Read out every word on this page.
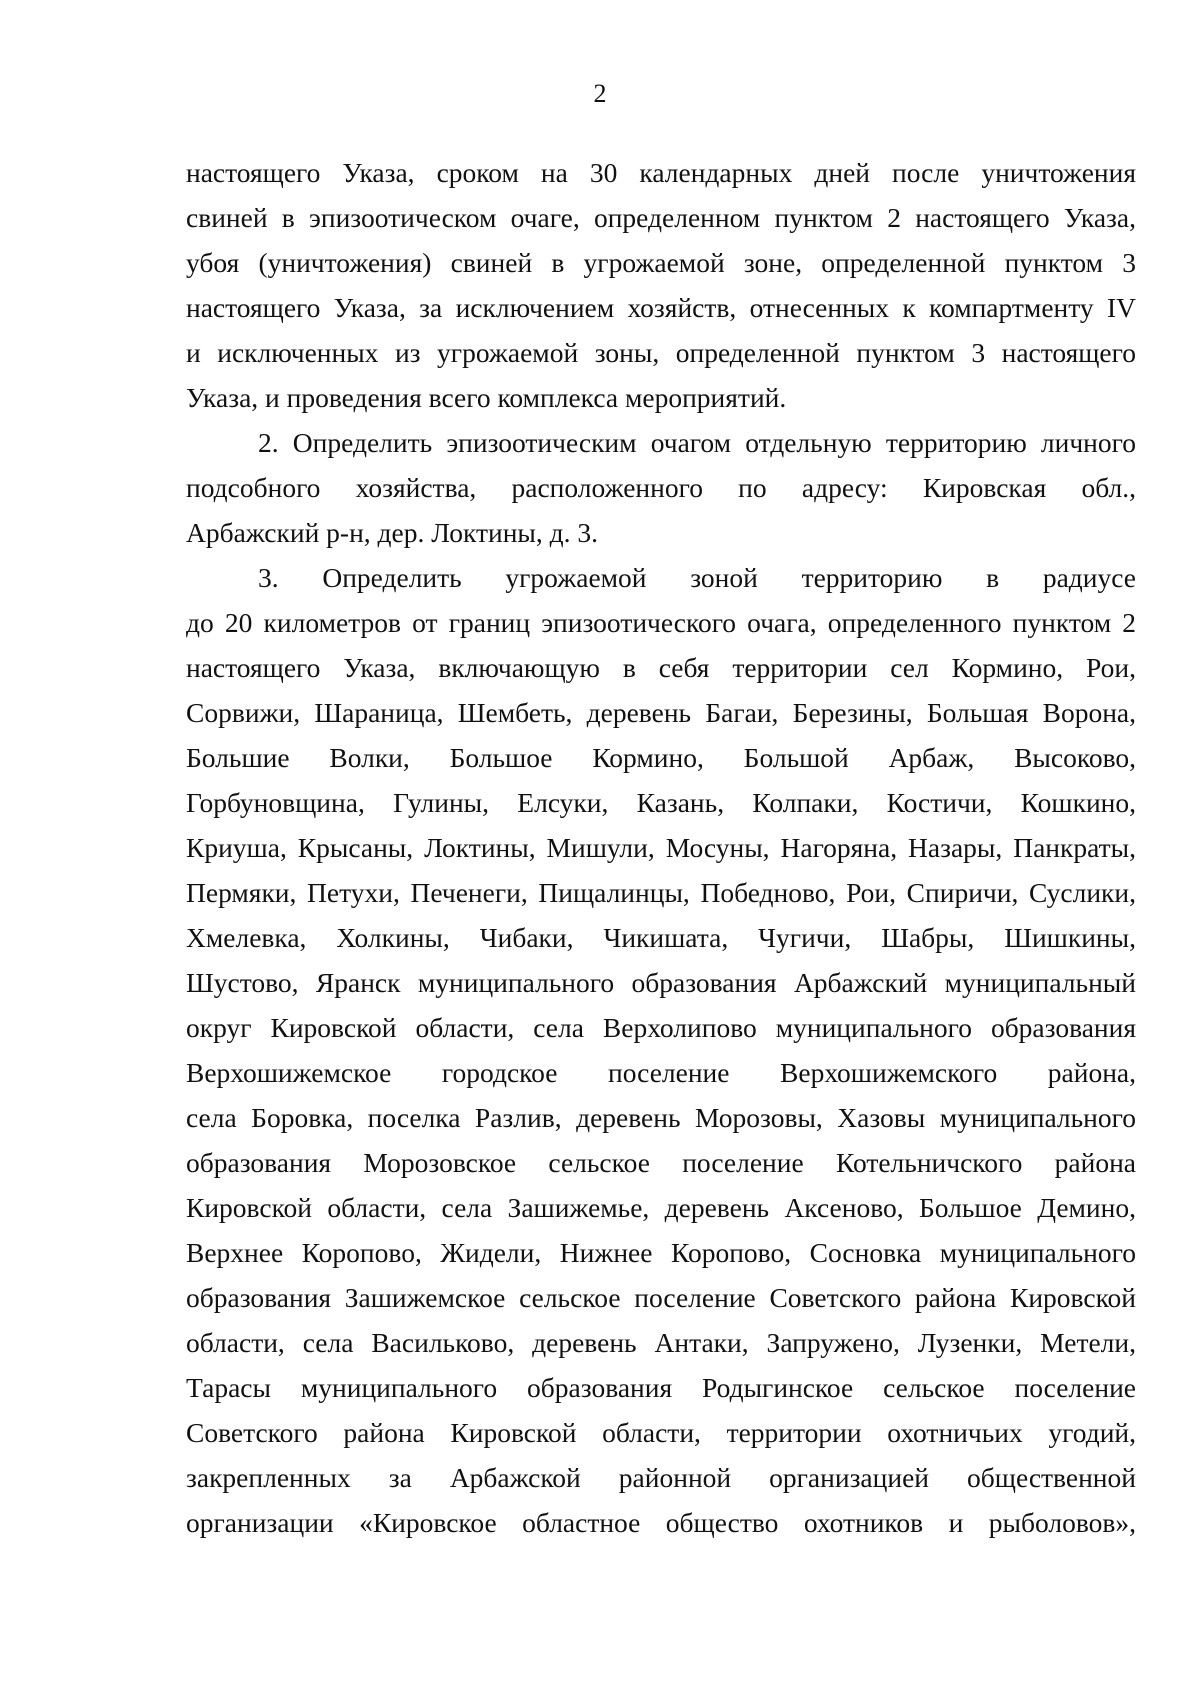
2
настоящего Указа, сроком на 30 календарных дней после уничтожения
свиней в эпизоотическом очаге, определенном пунктом 2 настоящего Указа,
убоя (уничтожения) свиней в угрожаемой зоне, определенной пунктом 3
настоящего Указа, за исключением хозяйств, отнесенных к компартменту IV
и исключенных из угрожаемой зоны, определенной пунктом 3 настоящего
Указа, и проведения всего комплекса мероприятий.
2. Определить эпизоотическим очагом отдельную территорию личного
подсобного хозяйства, расположенного по адресу: Кировская обл.,
Арбажский р-н, дер. Локтины, д. 3.
3. Определить угрожаемой зоной территорию в радиусе
до 20 километров от границ эпизоотического очага, определенного пунктом 2
настоящего Указа, включающую в себя территории сел Кормино, Рои,
Сорвижи, Шараница, Шембеть, деревень Багаи, Березины, Большая Ворона,
Большие Волки, Большое Кормино, Большой Арбаж, Высоково,
Горбуновщина, Гулины, Елсуки, Казань, Колпаки, Костичи, Кошкино,
Криуша, Крысаны, Локтины, Мишули, Мосуны, Нагоряна, Назары, Панкраты,
Пермяки, Петухи, Печенеги, Пищалинцы, Победново, Рои, Спиричи, Суслики,
Хмелевка, Холкины, Чибаки, Чикишата, Чугичи, Шабры, Шишкины,
Шустово, Яранск муниципального образования Арбажский муниципальный
округ Кировской области, села Верхолипово муниципального образования
Верхошижемское городское поселение Верхошижемского района,
села Боровка, поселка Разлив, деревень Морозовы, Хазовы муниципального
образования Морозовское сельское поселение Котельничского района
Кировской области, села Зашижемье, деревень Аксеново, Большое Демино,
Верхнее Коропово, Жидели, Нижнее Коропово, Сосновка муниципального
образования Зашижемское сельское поселение Советского района Кировской
области, села Васильково, деревень Антаки, Запружено, Лузенки, Метели,
Тарасы муниципального образования Родыгинское сельское поселение
Советского района Кировской области, территории охотничьих угодий,
закрепленных за Арбажской районной организацией общественной
организации «Кировское областное общество охотников и рыболовов»,
